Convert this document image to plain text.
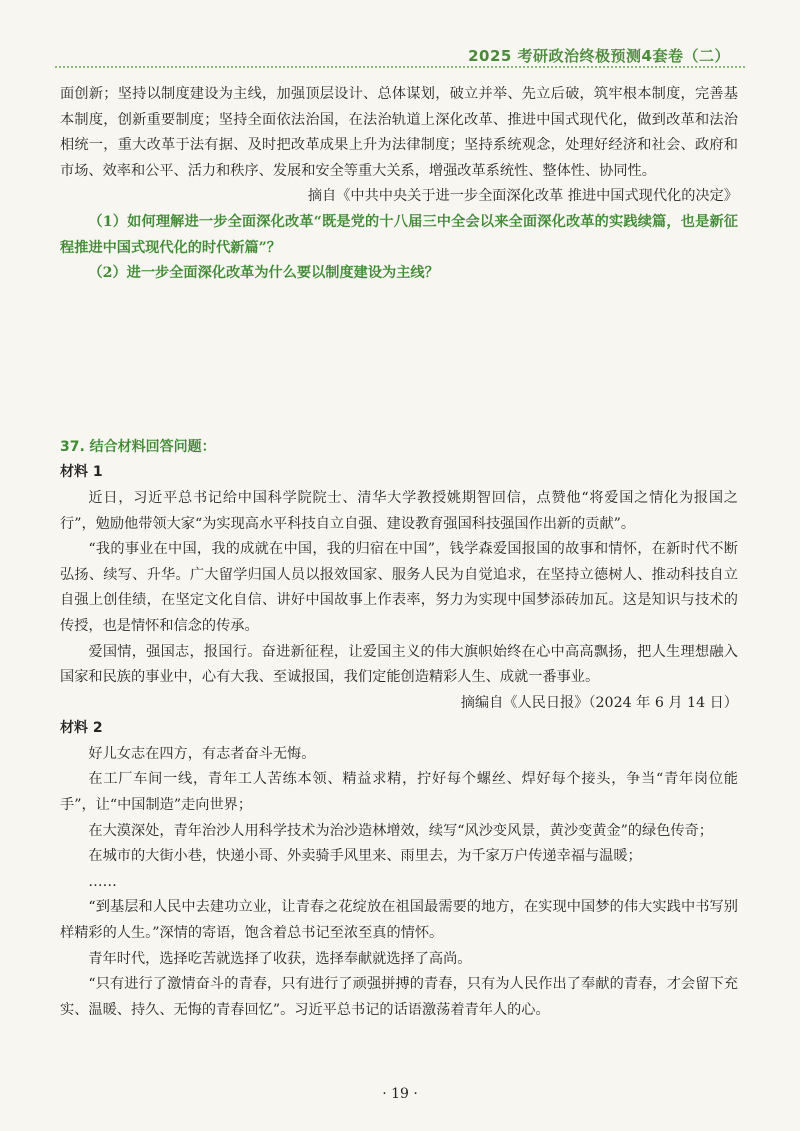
2025 考研政治终极预测4套卷（二）

面创新；坚持以制度建设为主线，加强顶层设计、总体谋划，破立并举、先立后破，筑牢根本制度，完善基本制度，创新重要制度；坚持全面依法治国，在法治轨道上深化改革、推进中国式现代化，做到改革和法治相统一，重大改革于法有据、及时把改革成果上升为法律制度；坚持系统观念，处理好经济和社会、政府和市场、效率和公平、活力和秩序、发展和安全等重大关系，增强改革系统性、整体性、协同性。

摘自《中共中央关于进一步全面深化改革 推进中国式现代化的决定》

（1）如何理解进一步全面深化改革“既是党的十八届三中全会以来全面深化改革的实践续篇，也是新征程推进中国式现代化的时代新篇”？

（2）进一步全面深化改革为什么要以制度建设为主线？

37. 结合材料回答问题：

材料 1

近日，习近平总书记给中国科学院院士、清华大学教授姚期智回信，点赞他“将爱国之情化为报国之行”，勉励他带领大家“为实现高水平科技自立自强、建设教育强国科技强国作出新的贡献”。

“我的事业在中国，我的成就在中国，我的归宿在中国”，钱学森爱国报国的故事和情怀，在新时代不断弘扬、续写、升华。广大留学归国人员以报效国家、服务人民为自觉追求，在坚持立德树人、推动科技自立自强上创佳绩，在坚定文化自信、讲好中国故事上作表率，努力为实现中国梦添砖加瓦。这是知识与技术的传授，也是情怀和信念的传承。

爱国情，强国志，报国行。奋进新征程，让爱国主义的伟大旗帜始终在心中高高飘扬，把人生理想融入国家和民族的事业中，心有大我、至诚报国，我们定能创造精彩人生、成就一番事业。

摘编自《人民日报》（2024 年 6 月 14 日）

材料 2

好儿女志在四方，有志者奋斗无悔。

在工厂车间一线，青年工人苦练本领、精益求精，拧好每个螺丝、焊好每个接头，争当“青年岗位能手”，让“中国制造”走向世界；

在大漠深处，青年治沙人用科学技术为治沙造林增效，续写“风沙变风景，黄沙变黄金”的绿色传奇；

在城市的大街小巷，快递小哥、外卖骑手风里来、雨里去，为千家万户传递幸福与温暖；

……

“到基层和人民中去建功立业，让青春之花绽放在祖国最需要的地方，在实现中国梦的伟大实践中书写别样精彩的人生。”深情的寄语，饱含着总书记至浓至真的情怀。

青年时代，选择吃苦就选择了收获，选择奉献就选择了高尚。

“只有进行了激情奋斗的青春，只有进行了顽强拼搏的青春，只有为人民作出了奉献的青春，才会留下充实、温暖、持久、无悔的青春回忆”。习近平总书记的话语激荡着青年人的心。

· 19 ·
